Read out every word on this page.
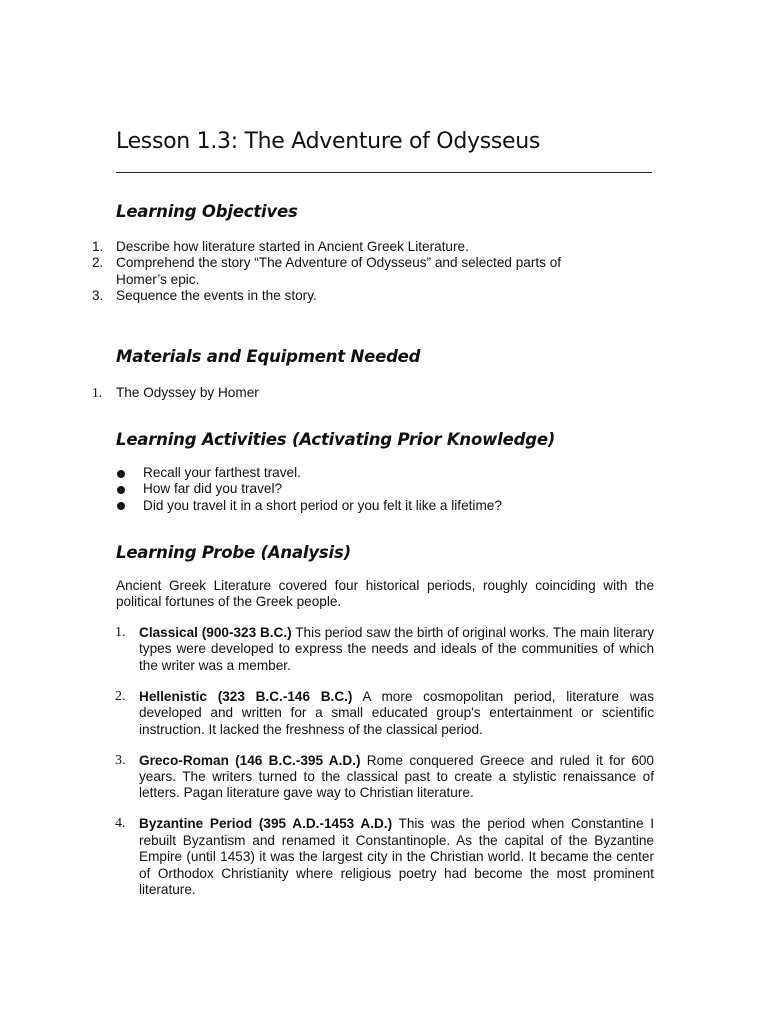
Lesson 1.3: The Adventure of Odysseus
Learning Objectives
1. Describe how literature started in Ancient Greek Literature.
2. Comprehend the story “The Adventure of Odysseus” and selected parts of Homer’s epic.
3. Sequence the events in the story.
Materials and Equipment Needed
1. The Odyssey by Homer
Learning Activities (Activating Prior Knowledge)
Recall your farthest travel.
How far did you travel?
Did you travel it in a short period or you felt it like a lifetime?
Learning Probe (Analysis)

Ancient Greek Literature covered four historical periods, roughly coinciding with the political fortunes of the Greek people.

1. Classical (900-323 B.C.) This period saw the birth of original works. The main literary types were developed to express the needs and ideals of the communities of which the writer was a member.
2. Hellenistic (323 B.C.-146 B.C.) A more cosmopolitan period, literature was developed and written for a small educated group's entertainment or scientific instruction. It lacked the freshness of the classical period.
3. Greco-Roman (146 B.C.-395 A.D.) Rome conquered Greece and ruled it for 600 years. The writers turned to the classical past to create a stylistic renaissance of letters. Pagan literature gave way to Christian literature.
4. Byzantine Period (395 A.D.-1453 A.D.) This was the period when Constantine I rebuilt Byzantism and renamed it Constantinople. As the capital of the Byzantine Empire (until 1453) it was the largest city in the Christian world. It became the center of Orthodox Christianity where religious poetry had become the most prominent literature.
